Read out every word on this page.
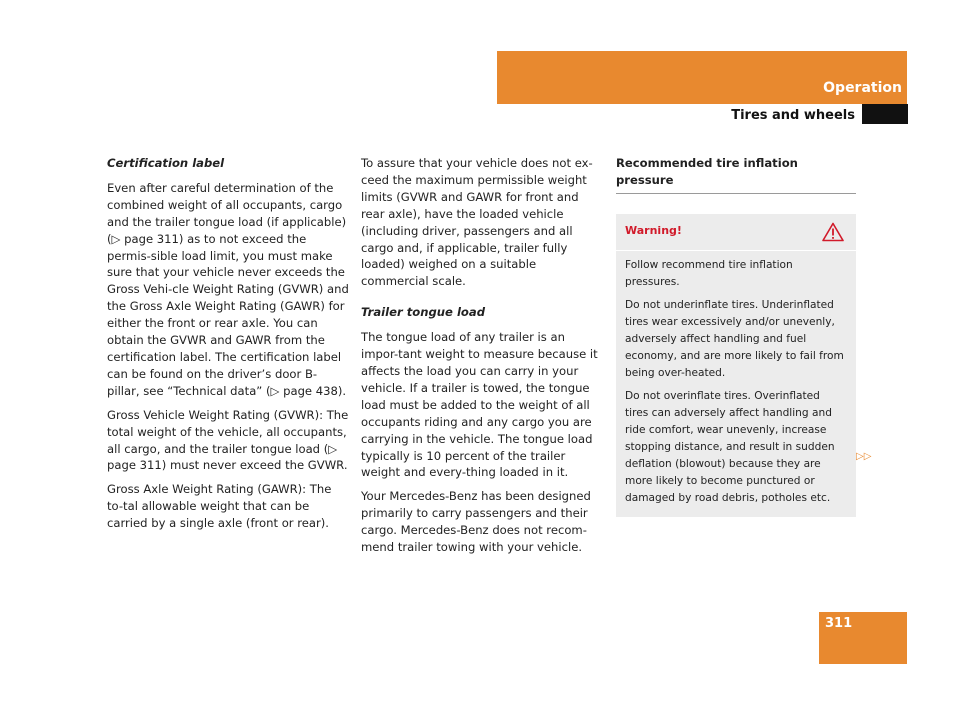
Operation
Tires and wheels
Certification label

Even after careful determination of the combined weight of all occupants, cargo and the trailer tongue load (if applicable) (▷ page 311) as to not exceed the permis-sible load limit, you must make sure that your vehicle never exceeds the Gross Vehi-cle Weight Rating (GVWR) and the Gross Axle Weight Rating (GAWR) for either the front or rear axle. You can obtain the GVWR and GAWR from the certification label. The certification label can be found on the driver’s door B-pillar, see “Technical data” (▷ page 438).

Gross Vehicle Weight Rating (GVWR): The total weight of the vehicle, all occupants, all cargo, and the trailer tongue load (▷ page 311) must never exceed the GVWR.

Gross Axle Weight Rating (GAWR): The to-tal allowable weight that can be carried by a single axle (front or rear).

To assure that your vehicle does not ex-ceed the maximum permissible weight limits (GVWR and GAWR for front and rear axle), have the loaded vehicle (including driver, passengers and all cargo and, if applicable, trailer fully loaded) weighed on a suitable commercial scale.

Trailer tongue load

The tongue load of any trailer is an impor-tant weight to measure because it affects the load you can carry in your vehicle. If a trailer is towed, the tongue load must be added to the weight of all occupants riding and any cargo you are carrying in the vehicle. The tongue load typically is 10 percent of the trailer weight and every-thing loaded in it.

Your Mercedes-Benz has been designed primarily to carry passengers and their cargo. Mercedes-Benz does not recom-mend trailer towing with your vehicle.

Recommended tire inflation pressure
Warning!

Follow recommend tire inflation pressures.

Do not underinflate tires. Underinflated tires wear excessively and/or unevenly, adversely affect handling and fuel economy, and are more likely to fail from being over-heated.

Do not overinflate tires. Overinflated tires can adversely affect handling and ride comfort, wear unevenly, increase stopping distance, and result in sudden deflation (blowout) because they are more likely to become punctured or damaged by road debris, potholes etc.

▷▷
311
